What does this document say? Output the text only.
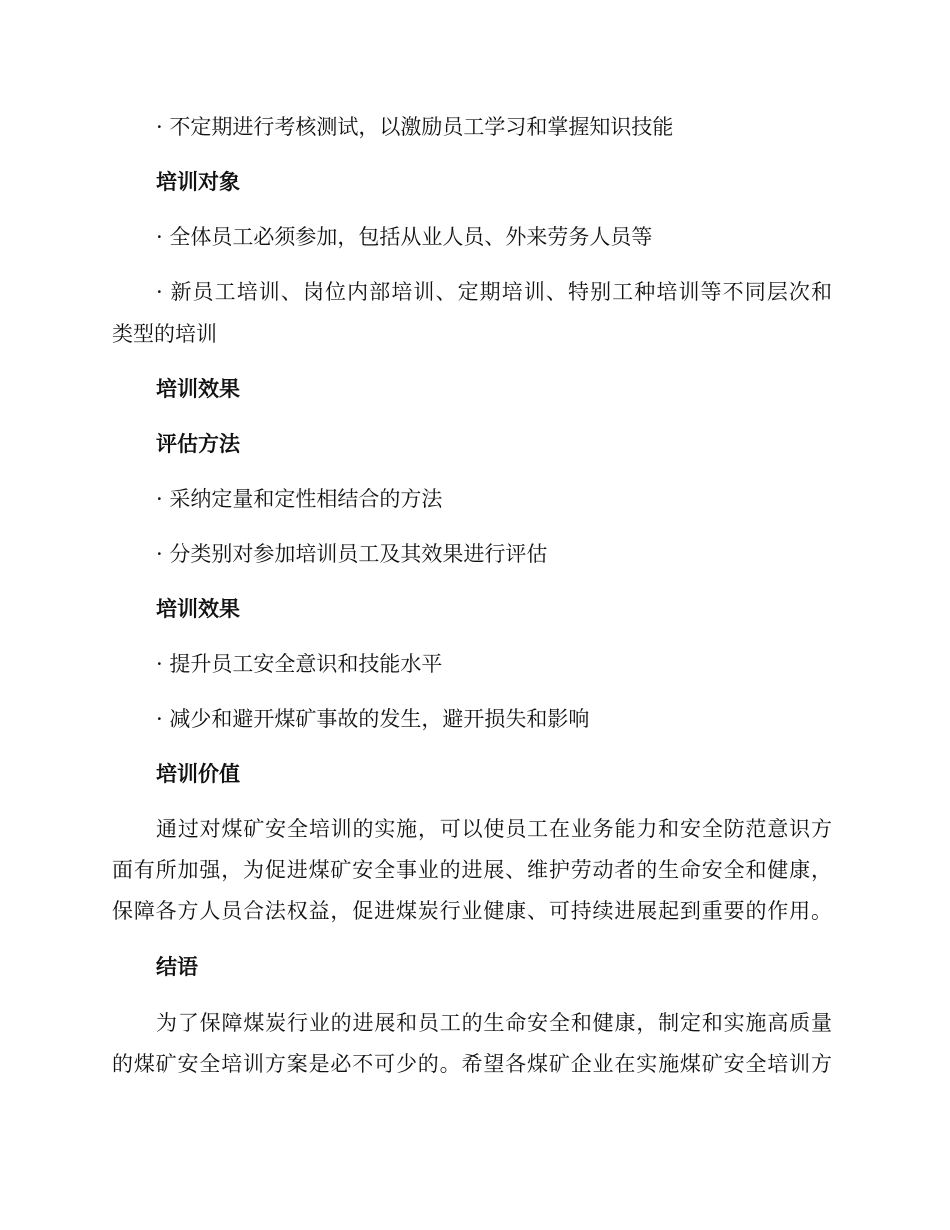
· 不定期进行考核测试，以激励员工学习和掌握知识技能
培训对象
· 全体员工必须参加，包括从业人员、外来劳务人员等
· 新员工培训、岗位内部培训、定期培训、特别工种培训等不同层次和
类型的培训
培训效果
评估方法
· 采纳定量和定性相结合的方法
· 分类别对参加培训员工及其效果进行评估
培训效果
· 提升员工安全意识和技能水平
· 减少和避开煤矿事故的发生，避开损失和影响
培训价值
通过对煤矿安全培训的实施，可以使员工在业务能力和安全防范意识方
面有所加强，为促进煤矿安全事业的进展、维护劳动者的生命安全和健康，
保障各方人员合法权益，促进煤炭行业健康、可持续进展起到重要的作用。
结语
为了保障煤炭行业的进展和员工的生命安全和健康，制定和实施高质量
的煤矿安全培训方案是必不可少的。希望各煤矿企业在实施煤矿安全培训方
